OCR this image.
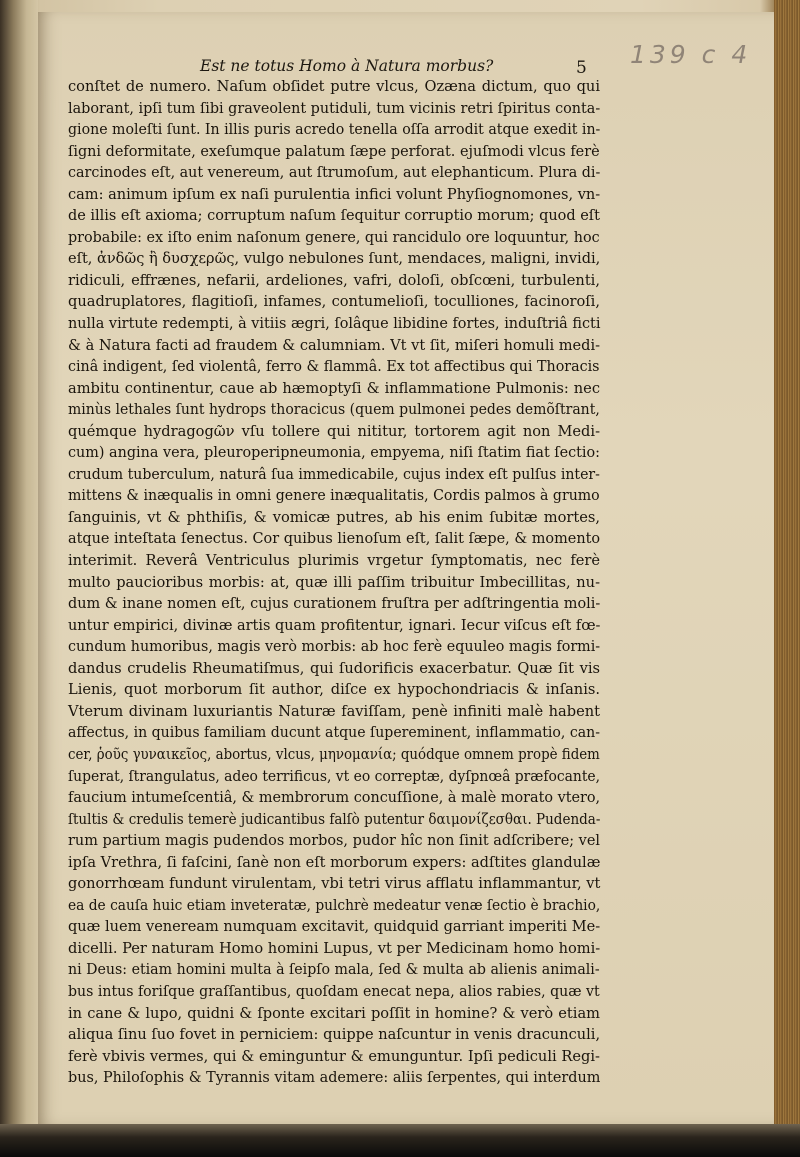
Est ne totus Homo à Natura morbus?	5 139 c 4
conſtet de numero. Naſum obſidet putre vlcus, Ozæna dictum, quo qui
laborant, ipſi tum ſibi graveolent putiduli, tum vicinis retri ſpiritus conta-
gione moleſti ſunt. In illis puris acredo tenella oſſa arrodit atque exedit in-
ſigni deformitate, exeſumque palatum ſæpe perforat. ejuſmodi vlcus ferè
carcinodes eſt, aut venereum, aut ſtrumoſum, aut elephanticum. Plura di-
cam: animum ipſum ex naſi purulentia infici volunt Phyſiognomones, vn-
de illis eſt axioma; corruptum naſum ſequitur corruptio morum; quod eſt
probabile: ex iſto enim naſonum genere, qui rancidulo ore loquuntur, hoc
eſt, ἀνδῶς ἢ δυσχερῶς, vulgo nebulones ſunt, mendaces, maligni, invidi,
ridiculi, effrænes, nefarii, ardeliones, vafri, doloſi, obſcœni, turbulenti,
quadruplatores, flagitioſi, infames, contumelioſi, toculliones, facinoroſi,
nulla virtute redempti, à vitiis ægri, ſolâque libidine fortes, induſtriâ ficti
& à Natura facti ad fraudem & calumniam. Vt vt ſit, miſeri homuli medi-
cinâ indigent, ſed violentâ, ferro & flammâ. Ex tot affectibus qui Thoracis
ambitu continentur, caue ab hæmoptyſi & inflammatione Pulmonis: nec
minùs lethales ſunt hydrops thoracicus (quem pulmonei pedes demõſtrant,
quémque hydragogῶν vſu tollere qui nititur, tortorem agit non Medi-
cum) angina vera, pleuroperipneumonia, empyema, niſi ſtatim fiat ſectio:
crudum tuberculum, naturâ ſua immedicabile, cujus index eſt pulſus inter-
mittens & inæqualis in omni genere inæqualitatis, Cordis palmos à grumo
ſanguinis, vt & phthiſis, & vomicæ putres, ab his enim ſubitæ mortes,
atque inteſtata ſenectus. Cor quibus lienoſum eſt, ſalit ſæpe, & momento
interimit. Reverâ Ventriculus plurimis vrgetur ſymptomatis, nec ferè
multo paucioribus morbis: at, quæ illi paſſim tribuitur Imbecillitas, nu-
dum & inane nomen eſt, cujus curationem fruſtra per adſtringentia moli-
untur empirici, divinæ artis quam profitentur, ignari. Iecur viſcus eſt fœ-
cundum humoribus, magis verò morbis: ab hoc ferè equuleo magis formi-
dandus crudelis Rheumatiſmus, qui ſudorificis exacerbatur. Quæ ſit vis
Lienis, quot morborum ſit author, diſce ex hypochondriacis & inſanis.
Vterum divinam luxuriantis Naturæ faviſſam, penè infiniti malè habent
affectus, in quibus familiam ducunt atque ſupereminent, inflammatio, can-
cer, ῥοῦς γυναικεῖος, abortus, vlcus, μηνομανία; quódque omnem propè fidem
ſuperat, ſtrangulatus, adeo terrificus, vt eo correptæ, dyſpnœâ præfocante,
faucium intumeſcentiâ, & membrorum concuſſione, à malè morato vtero,
ſtultis & credulis temerè judicantibus falſò putentur δαιμονίζεσθαι. Pudenda-
rum partium magis pudendos morbos, pudor hîc non ſinit adſcribere; vel
ipſa Vrethra, ſi faſcini, ſanè non eſt morborum expers: adſtites glandulæ
gonorrhœam fundunt virulentam, vbi tetri virus afflatu inflammantur, vt
ea de cauſa huic etiam inveteratæ, pulchrè medeatur venæ ſectio è brachio,
quæ luem veneream numquam excitavit, quidquid garriant imperiti Me-
dicelli. Per naturam Homo homini Lupus, vt per Medicinam homo homi-
ni Deus: etiam homini multa à ſeipſo mala, ſed & multa ab alienis animali-
bus intus foriſque graſſantibus, quoſdam enecat nepa, alios rabies, quæ vt
in cane & lupo, quidni & ſponte excitari poſſit in homine? & verò etiam
aliqua ſinu ſuo fovet in perniciem: quippe naſcuntur in venis dracunculi,
ferè vbivis vermes, qui & eminguntur & emunguntur. Ipſi pediculi Regi-
bus, Philoſophis & Tyrannis vitam ademere: aliis ſerpentes, qui interdum
